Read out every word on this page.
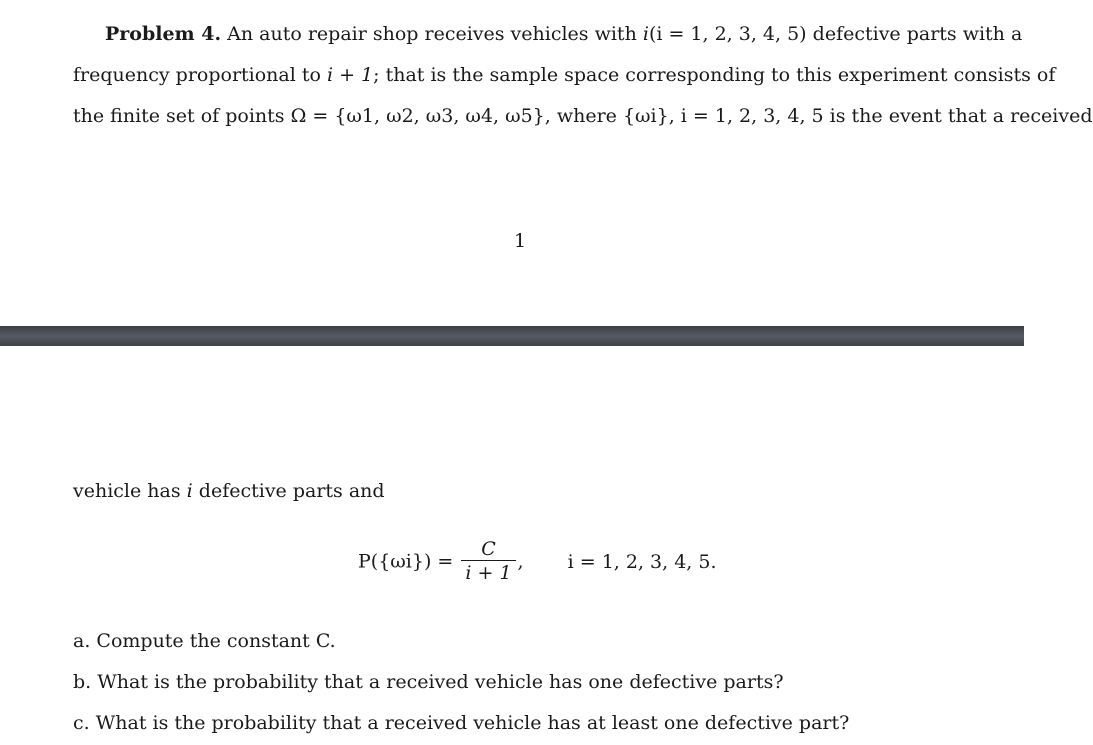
Problem 4. An auto repair shop receives vehicles with i(i = 1, 2, 3, 4, 5) defective parts with a
frequency proportional to i + 1; that is the sample space corresponding to this experiment consists of
the finite set of points Ω = {ω1, ω2, ω3, ω4, ω5}, where {ωi}, i = 1, 2, 3, 4, 5 is the event that a received
1
vehicle has i defective parts and
$P(\{\omega i\}) = \frac{C}{i + 1}$ , i = 1, 2, 3, 4, 5.
a. Compute the constant C.
b. What is the probability that a received vehicle has one defective parts?
c. What is the probability that a received vehicle has at least one defective part?
